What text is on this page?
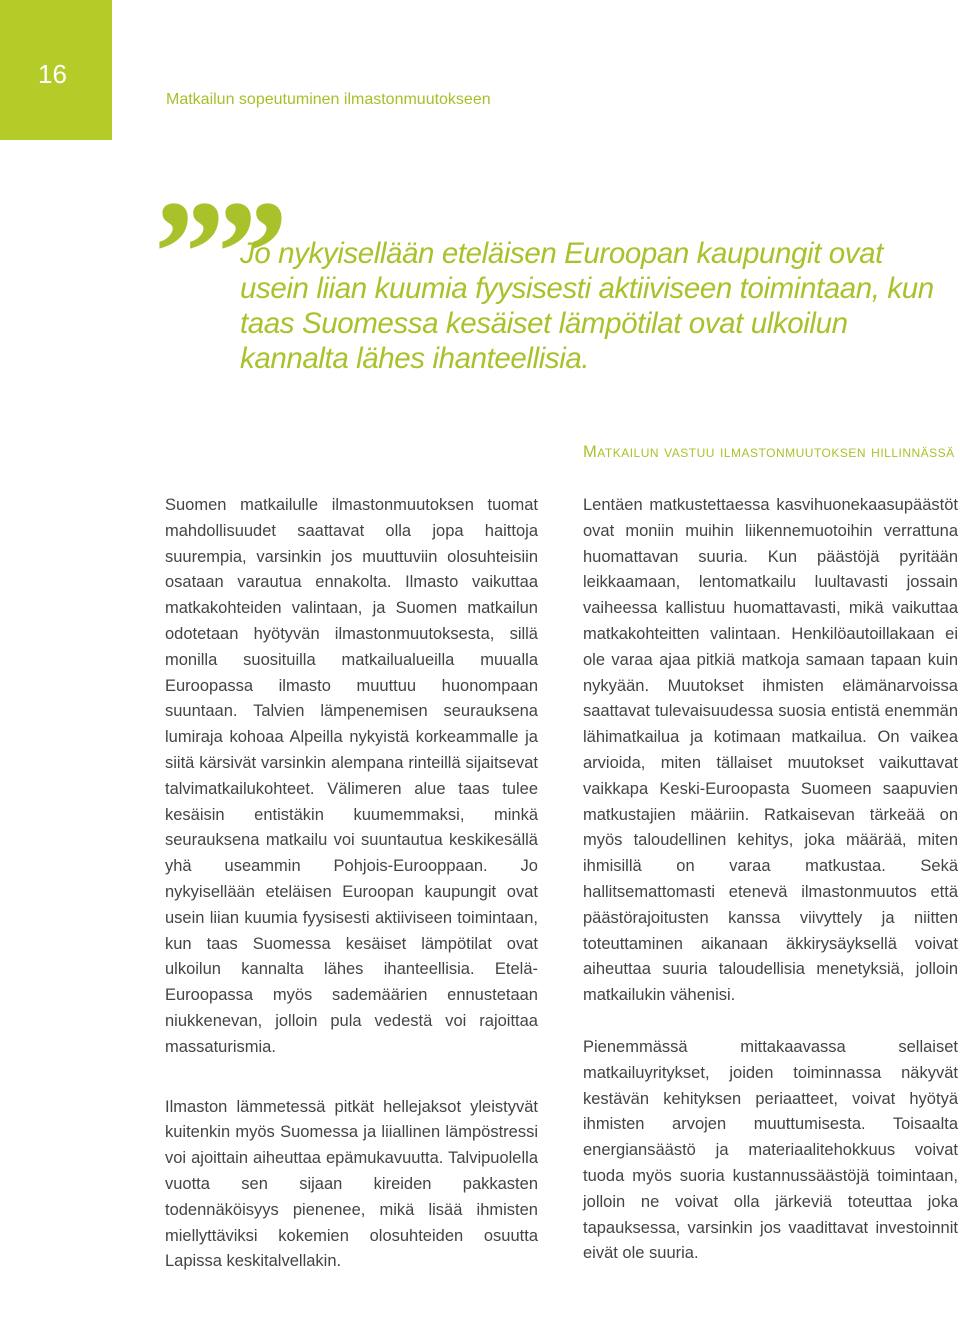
16
Matkailun sopeutuminen ilmastonmuutokseen
””

Jo nykyisellään eteläisen Euroopan kaupungit ovat usein liian kuumia fyysisesti aktiiviseen toimintaan, kun taas Suomessa kesäiset lämpötilat ovat ulkoilun kannalta lähes ihanteellisia.

Suomen matkailulle ilmastonmuutoksen tuomat mahdollisuudet saattavat olla jopa haittoja suurempia, varsinkin jos muuttuviin olosuhteisiin osataan varautua ennakolta. Ilmasto vaikuttaa matkakohteiden valintaan, ja Suomen matkailun odotetaan hyötyvän ilmastonmuutoksesta, sillä monilla suosituilla matkailualueilla muualla Euroopassa ilmasto muuttuu huonompaan suuntaan. Talvien lämpenemisen seurauksena lumiraja kohoaa Alpeilla nykyistä korkeammalle ja siitä kärsivät varsinkin alempana rinteillä sijaitsevat talvimatkailukohteet. Välimeren alue taas tulee kesäisin entistäkin kuumemmaksi, minkä seurauksena matkailu voi suuntautua keskikesällä yhä useammin Pohjois-Eurooppaan. Jo nykyisellään eteläisen Euroopan kaupungit ovat usein liian kuumia fyysisesti aktiiviseen toimintaan, kun taas Suomessa kesäiset lämpötilat ovat ulkoilun kannalta lähes ihanteellisia. Etelä-Euroopassa myös sademäärien ennustetaan niukkenevan, jolloin pula vedestä voi rajoittaa massaturismia.

Ilmaston lämmetessä pitkät hellejaksot yleistyvät kuitenkin myös Suomessa ja liiallinen lämpöstressi voi ajoittain aiheuttaa epämukavuutta. Talvipuolella vuotta sen sijaan kireiden pakkasten todennäköisyys pienenee, mikä lisää ihmisten miellyttäviksi kokemien olosuhteiden osuutta Lapissa keskitalvellakin.

Matkailun vastuu ilmastonmuutoksen hillinnässä

Lentäen matkustettaessa kasvihuonekaasupäästöt ovat moniin muihin liikennemuotoihin verrattuna huomattavan suuria. Kun päästöjä pyritään leikkaamaan, lentomatkailu luultavasti jossain vaiheessa kallistuu huomattavasti, mikä vaikuttaa matkakohteitten valintaan. Henkilöautoillakaan ei ole varaa ajaa pitkiä matkoja samaan tapaan kuin nykyään. Muutokset ihmisten elämänarvoissa saattavat tulevaisuudessa suosia entistä enemmän lähimatkailua ja kotimaan matkailua. On vaikea arvioida, miten tällaiset muutokset vaikuttavat vaikkapa Keski-Euroopasta Suomeen saapuvien matkustajien määriin. Ratkaisevan tärkeää on myös taloudellinen kehitys, joka määrää, miten ihmisillä on varaa matkustaa. Sekä hallitsemattomasti etenevä ilmastonmuutos että päästörajoitusten kanssa viivyttely ja niitten toteuttaminen aikanaan äkkirysäyksellä voivat aiheuttaa suuria taloudellisia menetyksiä, jolloin matkailukin vähenisi.

Pienemmässä mittakaavassa sellaiset matkailuyritykset, joiden toiminnassa näkyvät kestävän kehityksen periaatteet, voivat hyötyä ihmisten arvojen muuttumisesta. Toisaalta energiansäästö ja materiaalitehokkuus voivat tuoda myös suoria kustannussäästöjä toimintaan, jolloin ne voivat olla järkeviä toteuttaa joka tapauksessa, varsinkin jos vaadittavat investoinnit eivät ole suuria.
